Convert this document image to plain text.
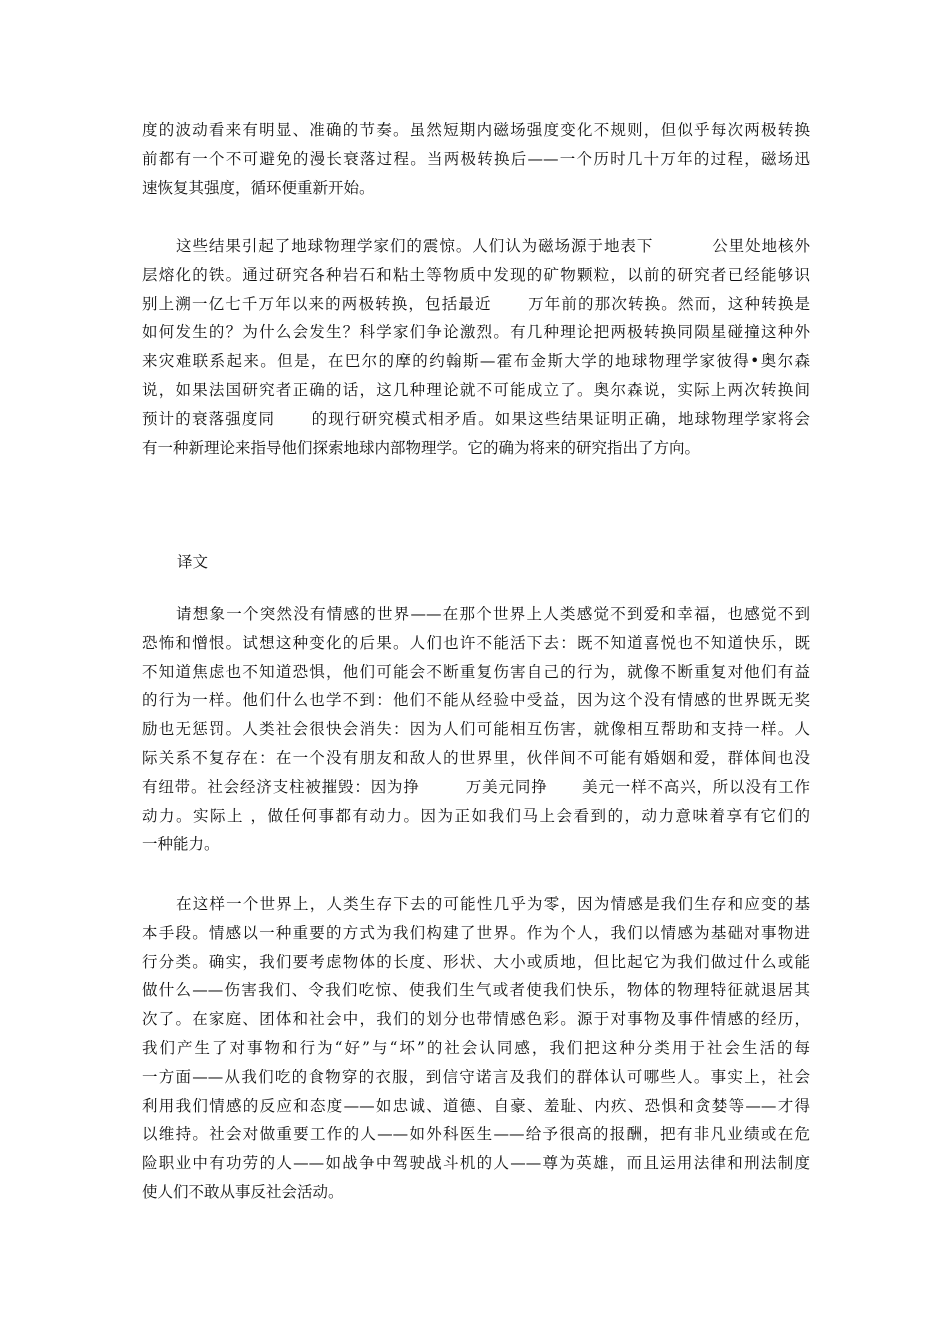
度的波动看来有明显、准确的节奏。虽然短期内磁场强度变化不规则，但似乎每次两极转换
前都有一个不可避免的漫长衰落过程。当两极转换后——一个历时几十万年的过程，磁场迅
速恢复其强度，循环便重新开始。
这些结果引起了地球物理学家们的震惊。人们认为磁场源于地表下          公里处地核外
层熔化的铁。通过研究各种岩石和粘土等物质中发现的矿物颗粒，以前的研究者已经能够识
别上溯一亿七千万年以来的两极转换，包括最近      万年前的那次转换。然而，这种转换是
如何发生的？为什么会发生？科学家们争论激烈。有几种理论把两极转换同陨星碰撞这种外
来灾难联系起来。但是，在巴尔的摩的约翰斯—霍布金斯大学的地球物理学家彼得•奥尔森
说，如果法国研究者正确的话，这几种理论就不可能成立了。奥尔森说，实际上两次转换间
预计的衰落强度同      的现行研究模式相矛盾。如果这些结果证明正确，地球物理学家将会
有一种新理论来指导他们探索地球内部物理学。它的确为将来的研究指出了方向。
译文
请想象一个突然没有情感的世界——在那个世界上人类感觉不到爱和幸福，也感觉不到
恐怖和憎恨。试想这种变化的后果。人们也许不能活下去：既不知道喜悦也不知道快乐，既
不知道焦虑也不知道恐惧，他们可能会不断重复伤害自己的行为，就像不断重复对他们有益
的行为一样。他们什么也学不到：他们不能从经验中受益，因为这个没有情感的世界既无奖
励也无惩罚。人类社会很快会消失：因为人们可能相互伤害，就像相互帮助和支持一样。人
际关系不复存在：在一个没有朋友和敌人的世界里，伙伴间不可能有婚姻和爱，群体间也没
有纽带。社会经济支柱被摧毁：因为挣        万美元同挣      美元一样不高兴，所以没有工作
动力。实际上 ，做任何事都有动力。因为正如我们马上会看到的，动力意味着享有它们的
一种能力。
在这样一个世界上，人类生存下去的可能性几乎为零，因为情感是我们生存和应变的基
本手段。情感以一种重要的方式为我们构建了世界。作为个人，我们以情感为基础对事物进
行分类。确实，我们要考虑物体的长度、形状、大小或质地，但比起它为我们做过什么或能
做什么——伤害我们、令我们吃惊、使我们生气或者使我们快乐，物体的物理特征就退居其
次了。在家庭、团体和社会中，我们的划分也带情感色彩。源于对事物及事件情感的经历，
我们产生了对事物和行为“好”与“坏”的社会认同感，我们把这种分类用于社会生活的每
一方面——从我们吃的食物穿的衣服，到信守诺言及我们的群体认可哪些人。事实上，社会
利用我们情感的反应和态度——如忠诚、道德、自豪、羞耻、内疚、恐惧和贪婪等——才得
以维持。社会对做重要工作的人——如外科医生——给予很高的报酬，把有非凡业绩或在危
险职业中有功劳的人——如战争中驾驶战斗机的人——尊为英雄，而且运用法律和刑法制度
使人们不敢从事反社会活动。
